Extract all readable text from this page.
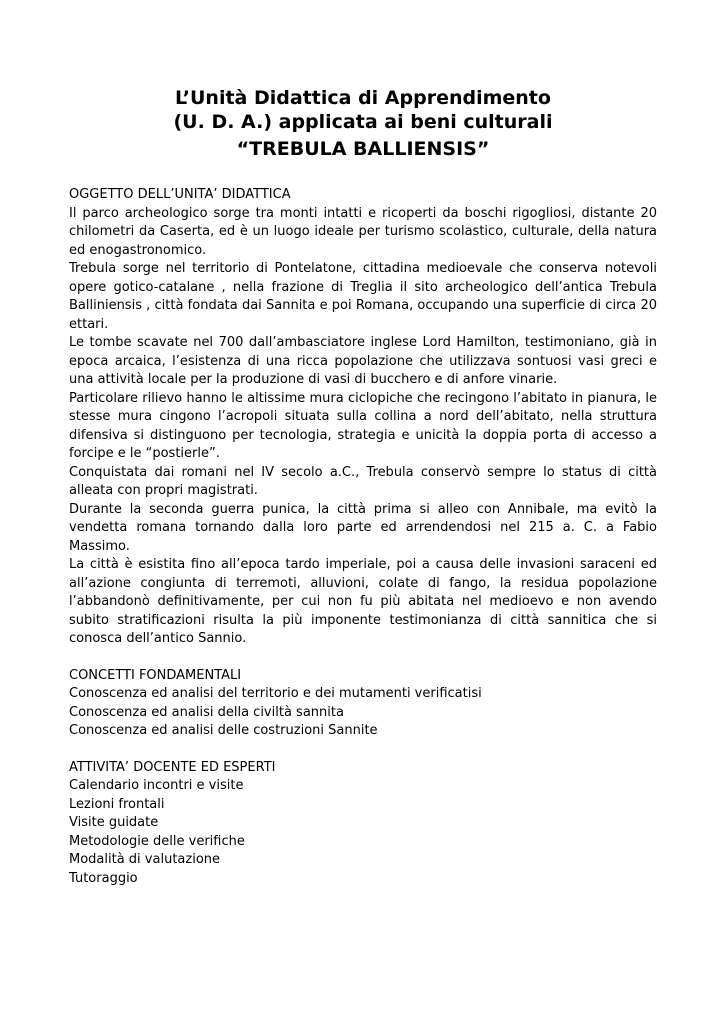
L’Unità Didattica di Apprendimento
(U. D. A.) applicata ai beni culturali
“TREBULA BALLIENSIS”
OGGETTO DELL’UNITA’ DIDATTICA

Il parco archeologico sorge tra monti intatti e ricoperti da boschi rigogliosi, distante 20 chilometri da Caserta, ed è un luogo ideale per turismo scolastico, culturale, della natura ed enogastronomico.

Trebula sorge nel territorio di Pontelatone, cittadina medioevale che conserva notevoli opere gotico-catalane , nella frazione di Treglia il sito archeologico dell’antica Trebula Balliniensis , città fondata dai Sannita e poi Romana, occupando una superficie di circa 20 ettari.

Le tombe scavate nel 700 dall’ambasciatore inglese Lord Hamilton, testimoniano, già in epoca arcaica, l’esistenza di una ricca popolazione che utilizzava sontuosi vasi greci e una attività locale per la produzione di vasi di bucchero e di anfore vinarie.

Particolare rilievo hanno le altissime mura ciclopiche che recingono l’abitato in pianura, le stesse mura cingono l’acropoli situata sulla collina a nord dell’abitato, nella struttura difensiva si distinguono per tecnologia, strategia e unicità la doppia porta di accesso a forcipe e le “postierle”.

Conquistata dai romani nel IV secolo a.C., Trebula conservò sempre lo status di città alleata con propri magistrati.

Durante la seconda guerra punica, la città prima si alleo con Annibale, ma evitò la vendetta romana tornando dalla loro parte ed arrendendosi nel 215 a. C. a Fabio Massimo.

La città è esistita fino all’epoca tardo imperiale, poi a causa delle invasioni saraceni ed all’azione congiunta di terremoti, alluvioni, colate di fango, la residua popolazione l’abbandonò definitivamente, per cui non fu più abitata nel medioevo e non avendo subito stratificazioni risulta la più imponente testimonianza di città sannitica che si conosca dell’antico Sannio.

CONCETTI FONDAMENTALI
Conoscenza ed analisi del territorio e dei mutamenti verificatisi
Conoscenza ed analisi della civiltà sannita
Conoscenza ed analisi delle costruzioni Sannite
ATTIVITA’ DOCENTE ED ESPERTI
Calendario incontri e visite
Lezioni frontali
Visite guidate
Metodologie delle verifiche
Modalità di valutazione
Tutoraggio
